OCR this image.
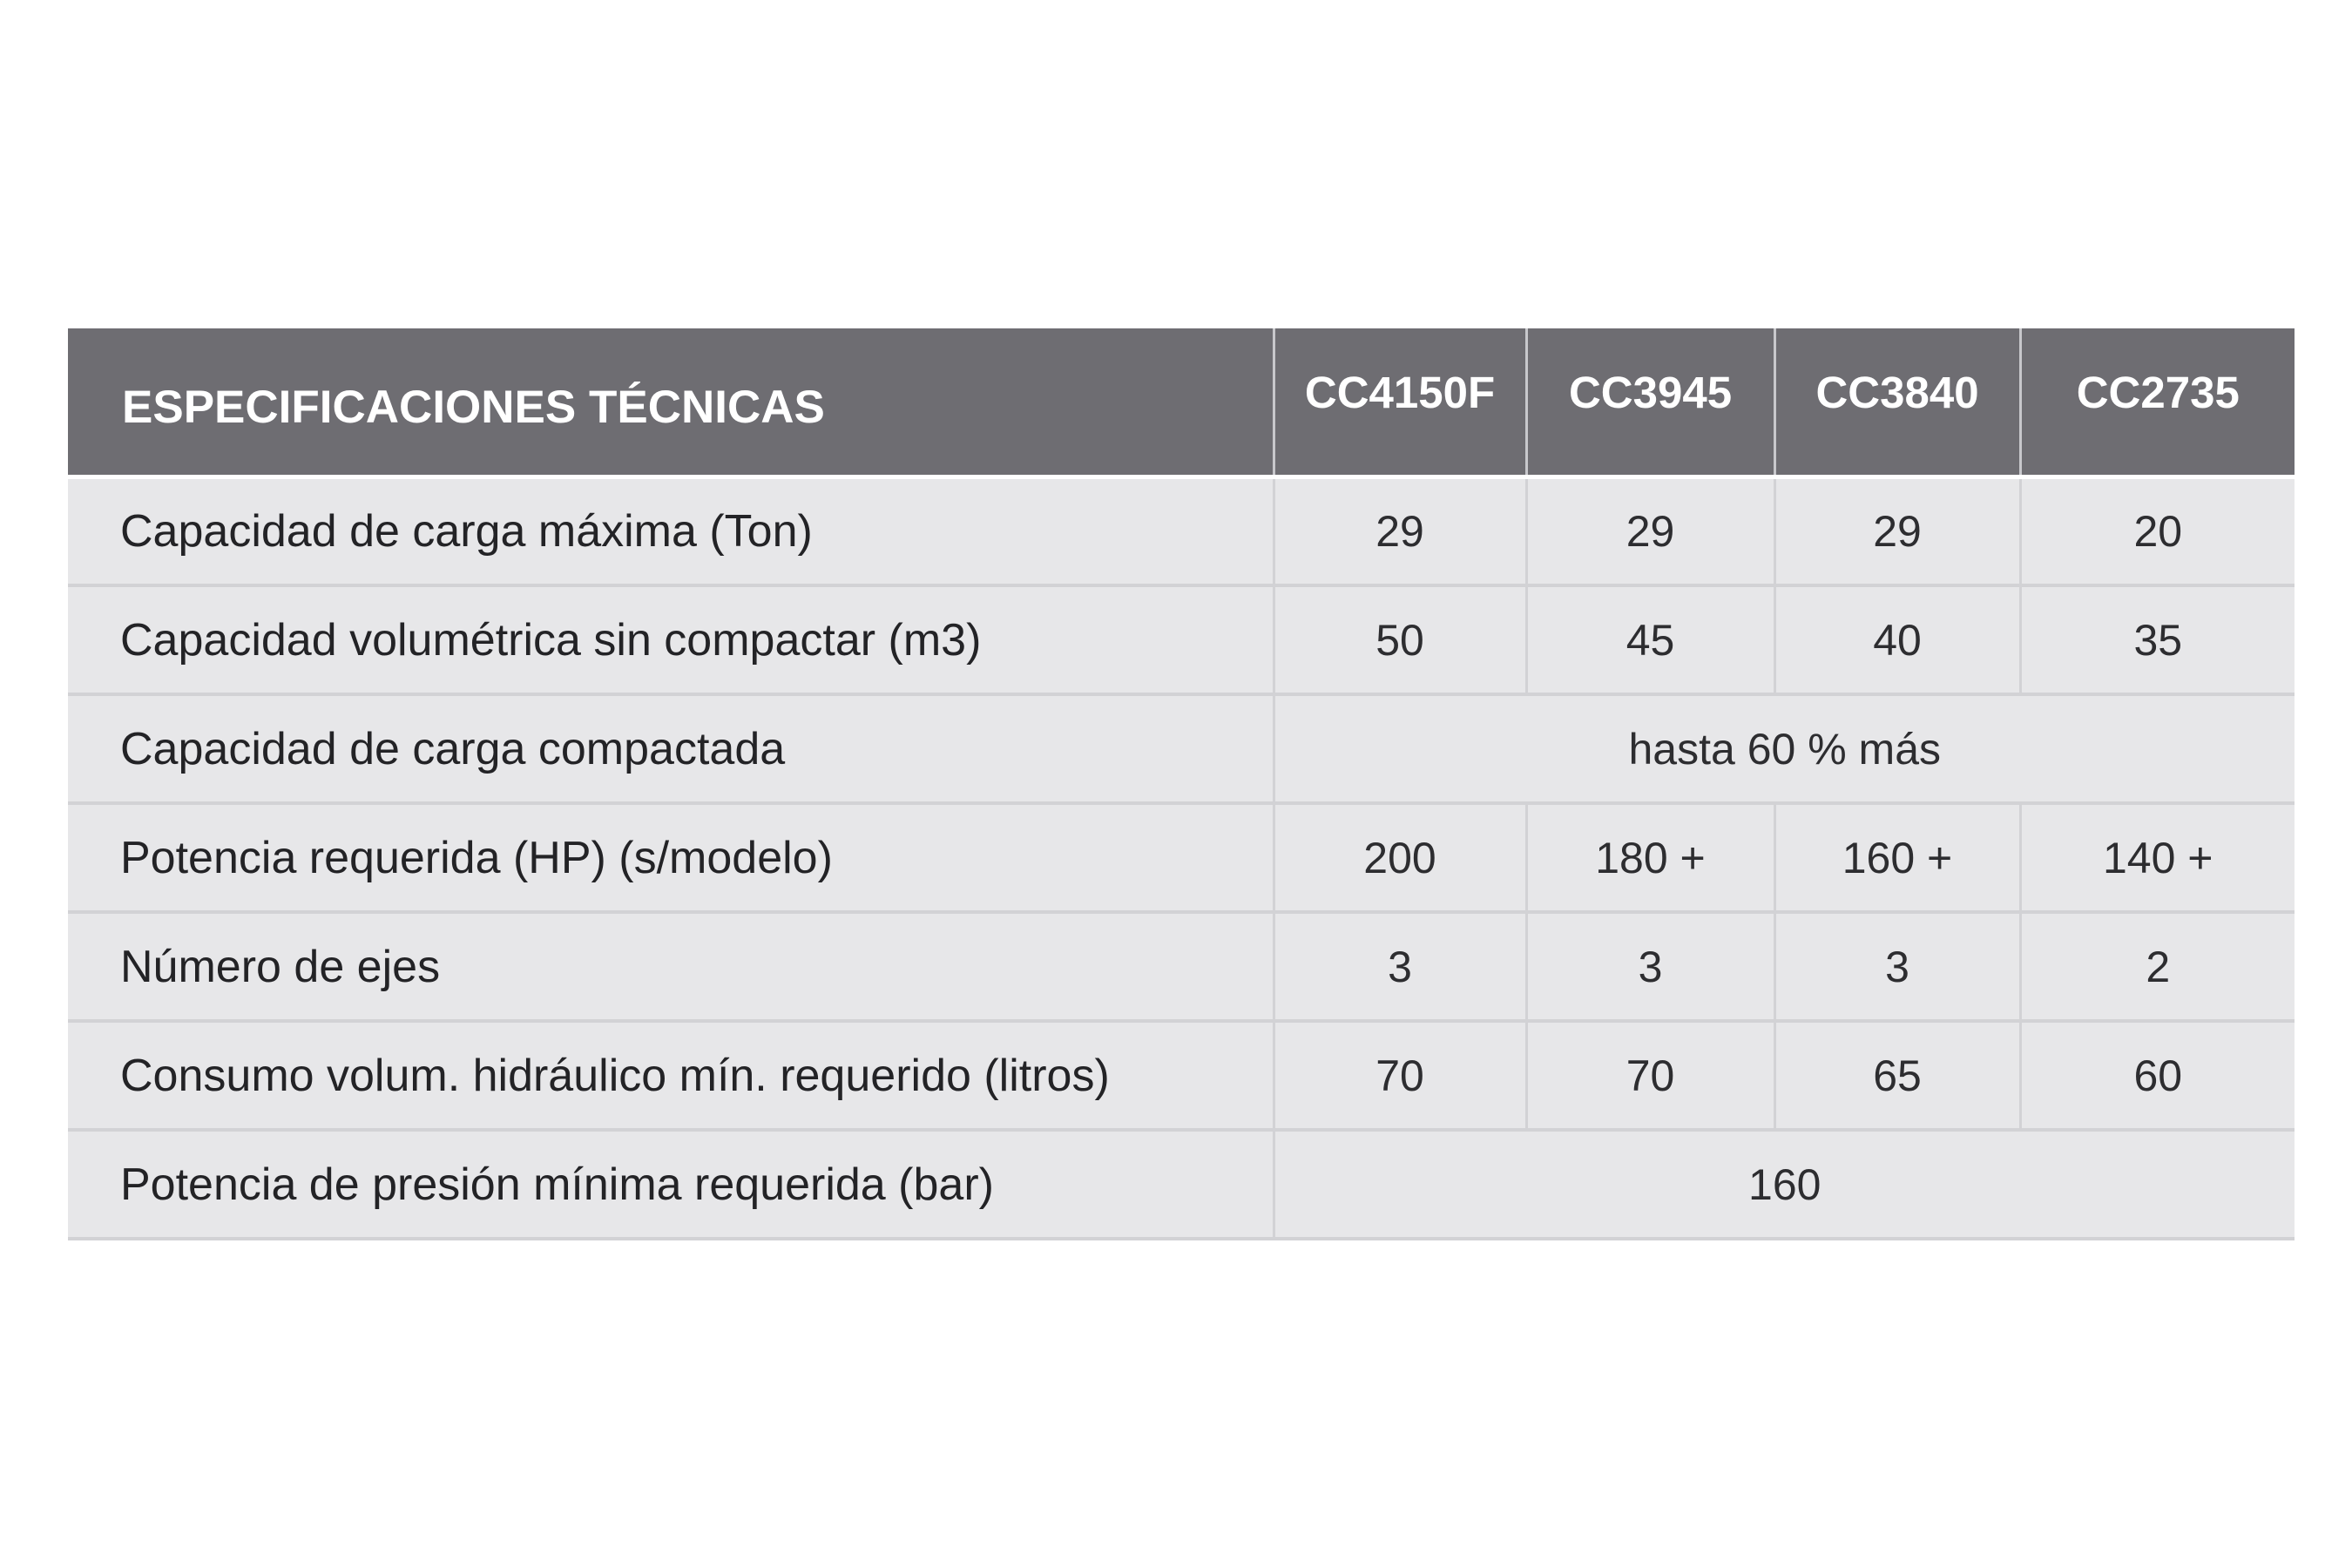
ESPECIFICACIONES TÉCNICAS	CC4150F	CC3945	CC3840	CC2735
Capacidad de carga máxima (Ton)	29	29	29	20
Capacidad volumétrica sin compactar (m3)	50	45	40	35
Capacidad de carga compactada	hasta 60 % más			
Potencia requerida (HP) (s/modelo)	200	180 +	160 +	140 +
Número de ejes	3	3	3	2
Consumo volum. hidráulico mín. requerido (litros)	70	70	65	60
Potencia de presión mínima requerida (bar)	160			
